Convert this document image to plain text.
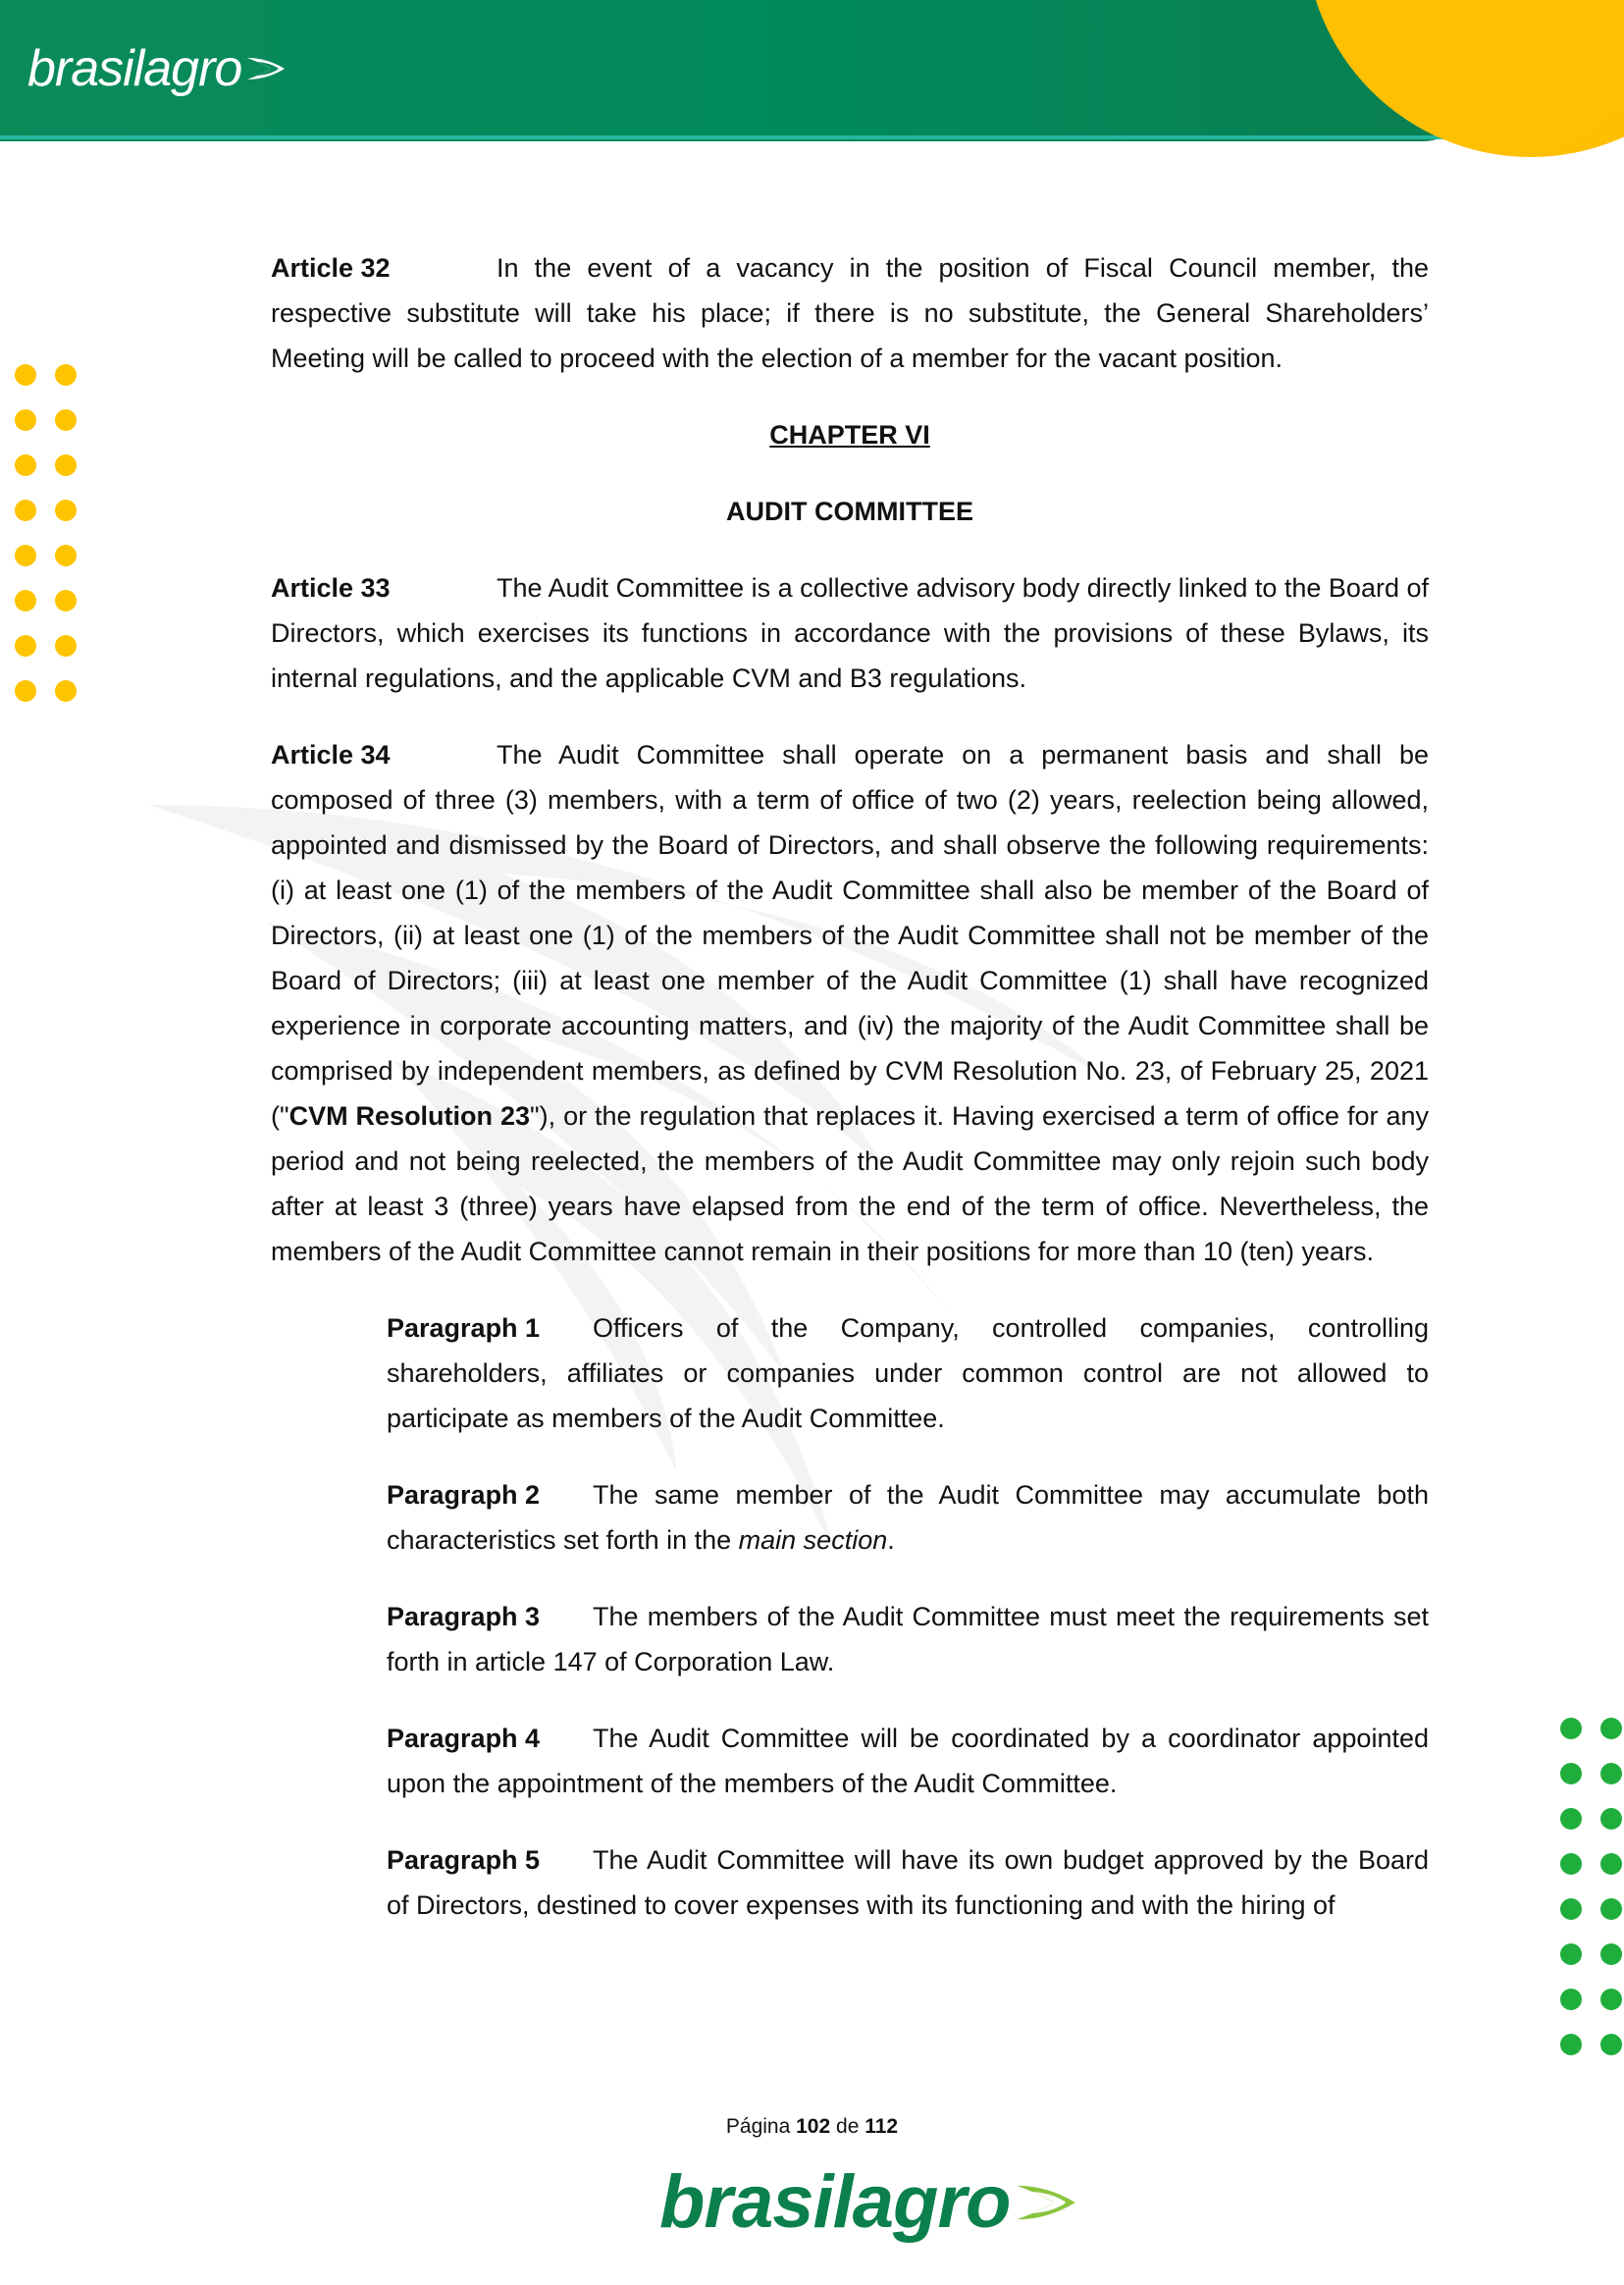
brasilagro

Article 32	In the event of a vacancy in the position of Fiscal Council member, the respective substitute will take his place; if there is no substitute, the General Shareholders’ Meeting will be called to proceed with the election of a member for the vacant position.

CHAPTER VI
AUDIT COMMITTEE

Article 33	The Audit Committee is a collective advisory body directly linked to the Board of Directors, which exercises its functions in accordance with the provisions of these Bylaws, its internal regulations, and the applicable CVM and B3 regulations.

Article 34	The Audit Committee shall operate on a permanent basis and shall be composed of three (3) members, with a term of office of two (2) years, reelection being allowed, appointed and dismissed by the Board of Directors, and shall observe the following requirements: (i) at least one (1) of the members of the Audit Committee shall also be member of the Board of Directors, (ii) at least one (1) of the members of the Audit Committee shall not be member of the Board of Directors; (iii) at least one member of the Audit Committee (1) shall have recognized experience in corporate accounting matters, and (iv) the majority of the Audit Committee shall be comprised by independent members, as defined by CVM Resolution No. 23, of February 25, 2021 ("CVM Resolution 23"), or the regulation that replaces it. Having exercised a term of office for any period and not being reelected, the members of the Audit Committee may only rejoin such body after at least 3 (three) years have elapsed from the end of the term of office. Nevertheless, the members of the Audit Committee cannot remain in their positions for more than 10 (ten) years.

Paragraph 1 Officers of the Company, controlled companies, controlling shareholders, affiliates or companies under common control are not allowed to participate as members of the Audit Committee.

Paragraph 2 The same member of the Audit Committee may accumulate both characteristics set forth in the main section.

Paragraph 3 The members of the Audit Committee must meet the requirements set forth in article 147 of Corporation Law.

Paragraph 4 The Audit Committee will be coordinated by a coordinator appointed upon the appointment of the members of the Audit Committee.

Paragraph 5 The Audit Committee will have its own budget approved by the Board of Directors, destined to cover expenses with its functioning and with the hiring of

Página 102 de 112
brasilagro
